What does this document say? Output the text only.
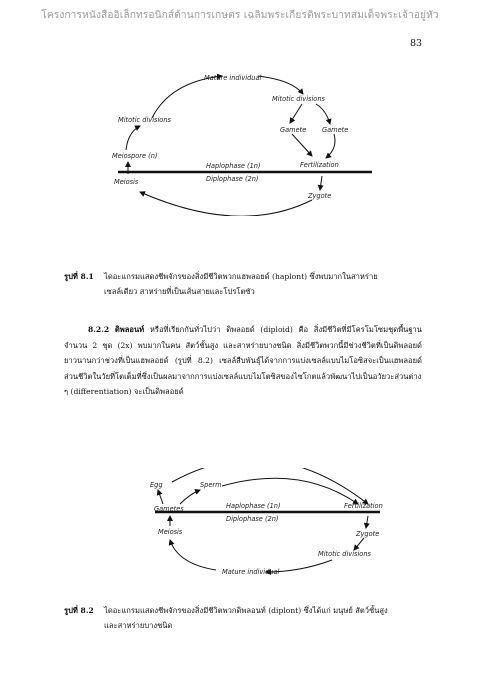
โครงการหนังสืออิเล็กทรอนิกส์ด้านการเกษตร เฉลิมพระเกียรติพระบาทสมเด็จพระเจ้าอยู่หัว
83
Mature individual
Mitotic divisions
Mitotic divisions
Gamete Gamete
Meiospore (n)
Haplophase (1n)
Diplophase (2n)
Meiosis
Fertilization
Zygote
รูปที่ 8.1 ไดอะแกรมแสดงชีพจักรของสิ่งมีชีวิตพวกแฮพลอยด์ (haplont) ซึ่งพบมากในสาหร่าย
เซลล์เดียว สาหร่ายที่เป็นเส้นสายและโปรโตซัว

8.2.2 ดิพลอนท์ หรือที่เรียกกันทั่วไปว่า ดิพลอยด์ (diploid) คือ สิ่งมีชีวิตที่มีโครโมโซมชุดพื้นฐานจำนวน 2 ชุด (2x) พบมากในคน สัตว์ชั้นสูง และสาหร่ายบางชนิด สิ่งมีชีวิตพวกนี้มีช่วงชีวิตที่เป็นดิพลอยด์ยาวนานกว่าช่วงที่เป็นแฮพลอยด์ (รูปที่ 8.2) เซลล์สืบพันธุ์ได้จากการแบ่งเซลล์แบบไมโอซิสจะเป็นแฮพลอยด์ ส่วนชีวิตในวัยที่โตเต็มที่ซึ่งเป็นผลมาจากการแบ่งเซลล์แบบไมโตซิสของไซโกตแล้วพัฒนาไปเป็นอวัยวะส่วนต่าง ๆ (differentiation) จะเป็นดิพลอยด์

Egg	Sperm
Gametes	Haplophase (1n)
Diplophase (2n)
Meiosis
Fertilization
Zygote
Mitotic divisions
Mature individual
รูปที่ 8.2 ไดอะแกรมแสดงชีพจักรของสิ่งมีชีวิตพวกดิพลอนท์ (diplont) ซึ่งได้แก่ มนุษย์ สัตว์ชั้นสูง
และสาหร่ายบางชนิด
